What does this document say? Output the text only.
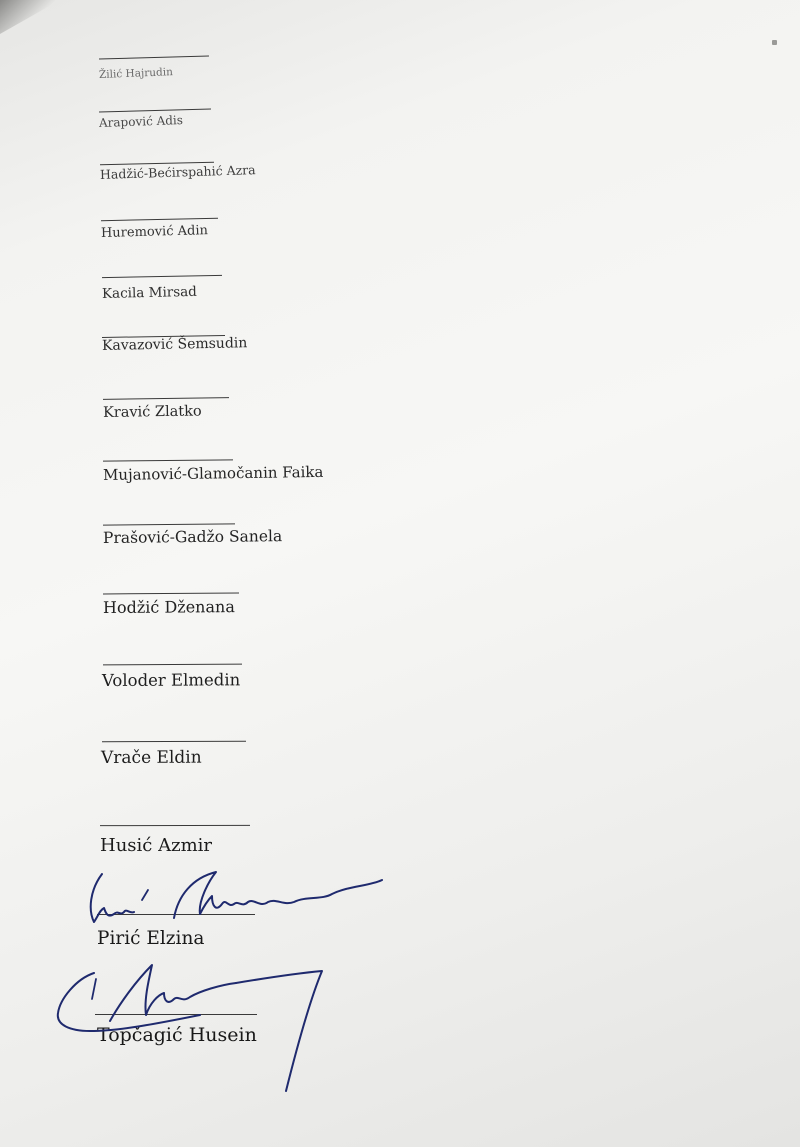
Žilić Hajrudin
Arapović Adis
Hadžić-Bećirspahić Azra
Huremović Adin
Kacila Mirsad
Kavazović Šemsudin
Kravić Zlatko
Mujanović-Glamočanin Faika
Prašović-Gadžo Sanela
Hodžić Dženana
Voloder Elmedin
Vrače Eldin
Husić Azmir
Pirić Elzina
Topčagić Husein
